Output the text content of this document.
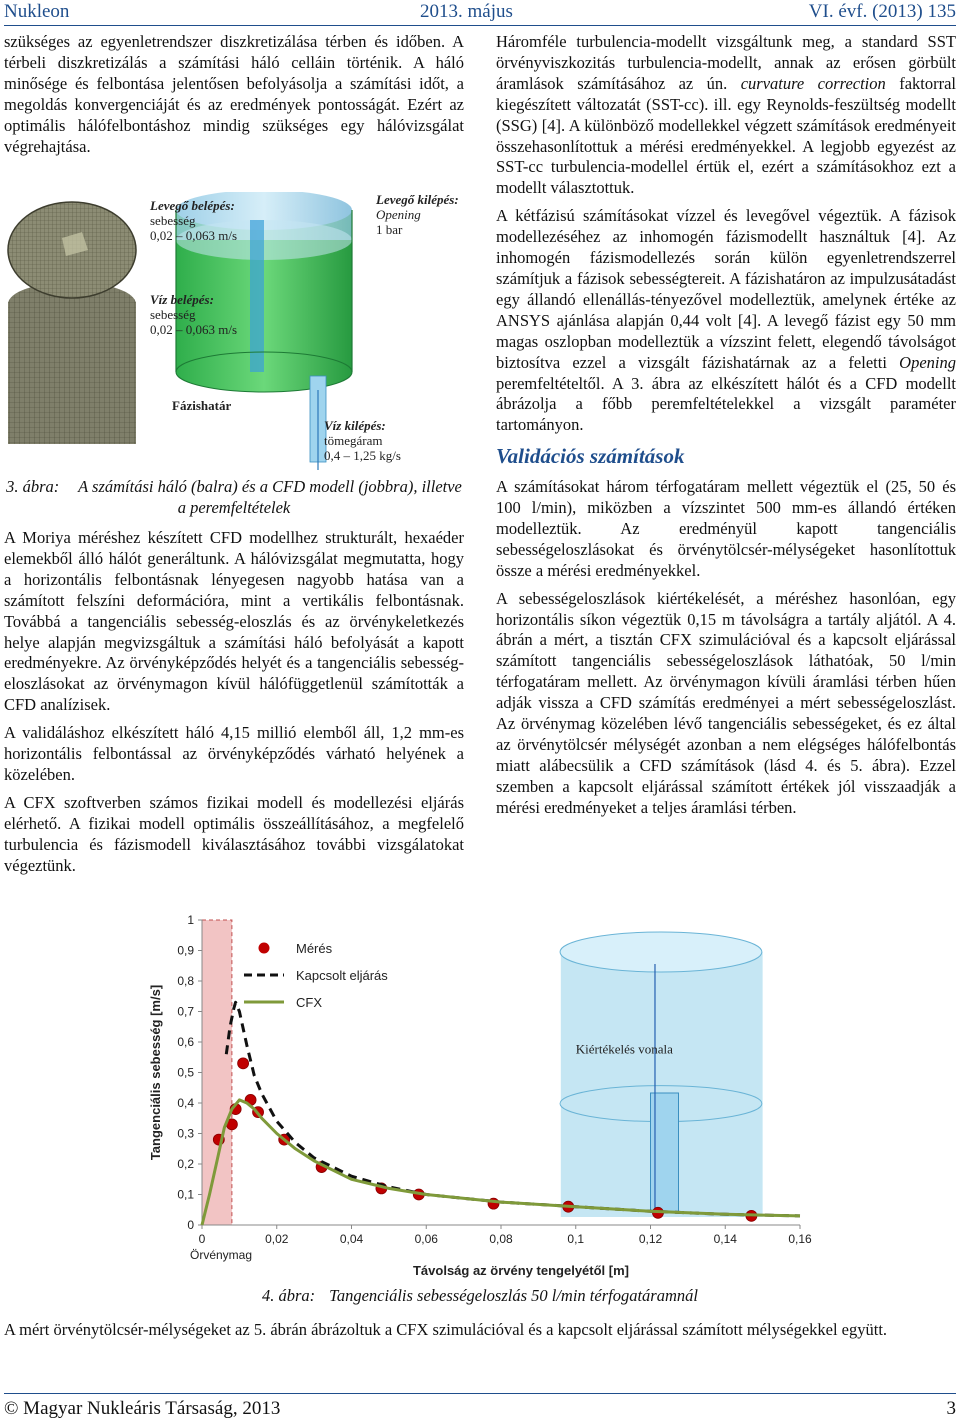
Nukleon	2013. május	VI. évf. (2013) 135

szükséges az egyenletrendszer diszkretizálása térben és időben. A térbeli diszkretizálás a számítási háló celláin történik. A háló minősége és felbontása jelentősen befolyásolja a számítási időt, a megoldás konvergenciáját és az eredmények pontosságát. Ezért az optimális hálófelbontáshoz mindig szükséges egy hálóvizsgálat végrehajtása.

Levegő belépés:
sebesség
0,02 – 0,063 m/s
Levegő kilépés:
Opening
1 bar
Víz belépés:
sebesség
0,02 – 0,063 m/s
Fázishatár
Víz kilépés:
tömegáram
0,4 – 1,25 kg/s
3. ábra: A számítási háló (balra) és a CFD modell (jobbra), illetve
a peremfeltételek

A Moriya méréshez készített CFD modellhez strukturált, hexaéder elemekből álló hálót generáltunk. A hálóvizsgálat megmutatta, hogy a horizontális felbontásnak lényegesen nagyobb hatása van a számított felszíni deformációra, mint a vertikális felbontásnak. Továbbá a tangenciális sebesség-eloszlás és az örvénykeletkezés helye alapján megvizsgáltuk a számítási háló befolyását a kapott eredményekre. Az örvényképződés helyét és a tangenciális sebesség-eloszlásokat az örvénymagon kívül hálófüggetlenül számították a CFD analízisek.

A validáláshoz elkészített háló 4,15 millió elemből áll, 1,2 mm-es horizontális felbontással az örvényképződés várható helyének a közelében.

A CFX szoftverben számos fizikai modell és modellezési eljárás elérhető. A fizikai modell optimális összeállításához, a megfelelő turbulencia és fázismodell kiválasztásához további vizsgálatokat végeztünk.

Háromféle turbulencia-modellt vizsgáltunk meg, a standard SST örvényviszkozitás turbulencia-modellt, annak az erősen görbült áramlások számításához az ún. curvature correction faktorral kiegészített változatát (SST-cc). ill. egy Reynolds-feszültség modellt (SSG) [4]. A különböző modellekkel végzett számítások eredményeit összehasonlítottuk a mérési eredményekkel. A legjobb egyezést az SST-cc turbulencia-modellel értük el, ezért a számításokhoz ezt a modellt választottuk.

A kétfázisú számításokat vízzel és levegővel végeztük. A fázisok modellezéséhez az inhomogén fázismodellt használtuk [4]. Az inhomogén fázismodellezés során külön egyenletrendszerrel számítjuk a fázisok sebességtereit. A fázishatáron az impulzusátadást egy állandó ellenállás-tényezővel modelleztük, amelynek értéke az ANSYS ajánlása alapján 0,44 volt [4]. A levegő fázist egy 50 mm magas oszlopban modelleztük a vízszint felett, elegendő távolságot biztosítva ezzel a vizsgált fázishatárnak az a feletti Opening peremfeltételtől. A 3. ábra az elkészített hálót és a CFD modellt ábrázolja a főbb peremfeltételekkel a vizsgált paraméter tartományon.

Validációs számítások

A számításokat három térfogatáram mellett végeztük el (25, 50 és 100 l/min), miközben a vízszintet 500 mm-es állandó értéken modelleztük. Az eredményül kapott tangenciális sebességeloszlásokat és örvénytölcsér-mélységeket hasonlítottuk össze a mérési eredményekkel.

A sebességeloszlások kiértékelését, a méréshez hasonlóan, egy horizontális síkon végeztük 0,15 m távolságra a tartály aljától. A 4. ábrán a mért, a tisztán CFX szimulációval és a kapcsolt eljárással számított tangenciális sebességeloszlások láthatóak, 50 l/min térfogatáram mellett. Az örvénymagon kívüli áramlási térben hűen adják vissza a CFD számítás eredményei a mért sebességeloszlást. Az örvénymag közelében lévő tangenciális sebességeket, és ez által az örvénytölcsér mélységét azonban a nem elégséges hálófelbontás miatt alábecsülik a CFD számítások (lásd 4. és 5. ábra). Ezzel szemben a kapcsolt eljárással számított értékek jól visszaadják a mérési eredményeket a teljes áramlási térben.

Kiértékelés vonala
0
0,1
0,2
0,3
0,4
0,5
0,6
0,7
0,8
0,9
1
0	0,02	0,04	0,06	0,08	0,1	0,12	0,14	0,16
Örvénymag
Távolság az örvény tengelyétől [m]
Tangenciális sebesség [m/s]
Mérés
Kapcsolt eljárás
CFX
4. ábra: Tangenciális sebességeloszlás 50 l/min térfogatáramnál

A mért örvénytölcsér-mélységeket az 5. ábrán ábrázoltuk a CFX szimulációval és a kapcsolt eljárással számított mélységekkel együtt.

© Magyar Nukleáris Társaság, 2013	3
